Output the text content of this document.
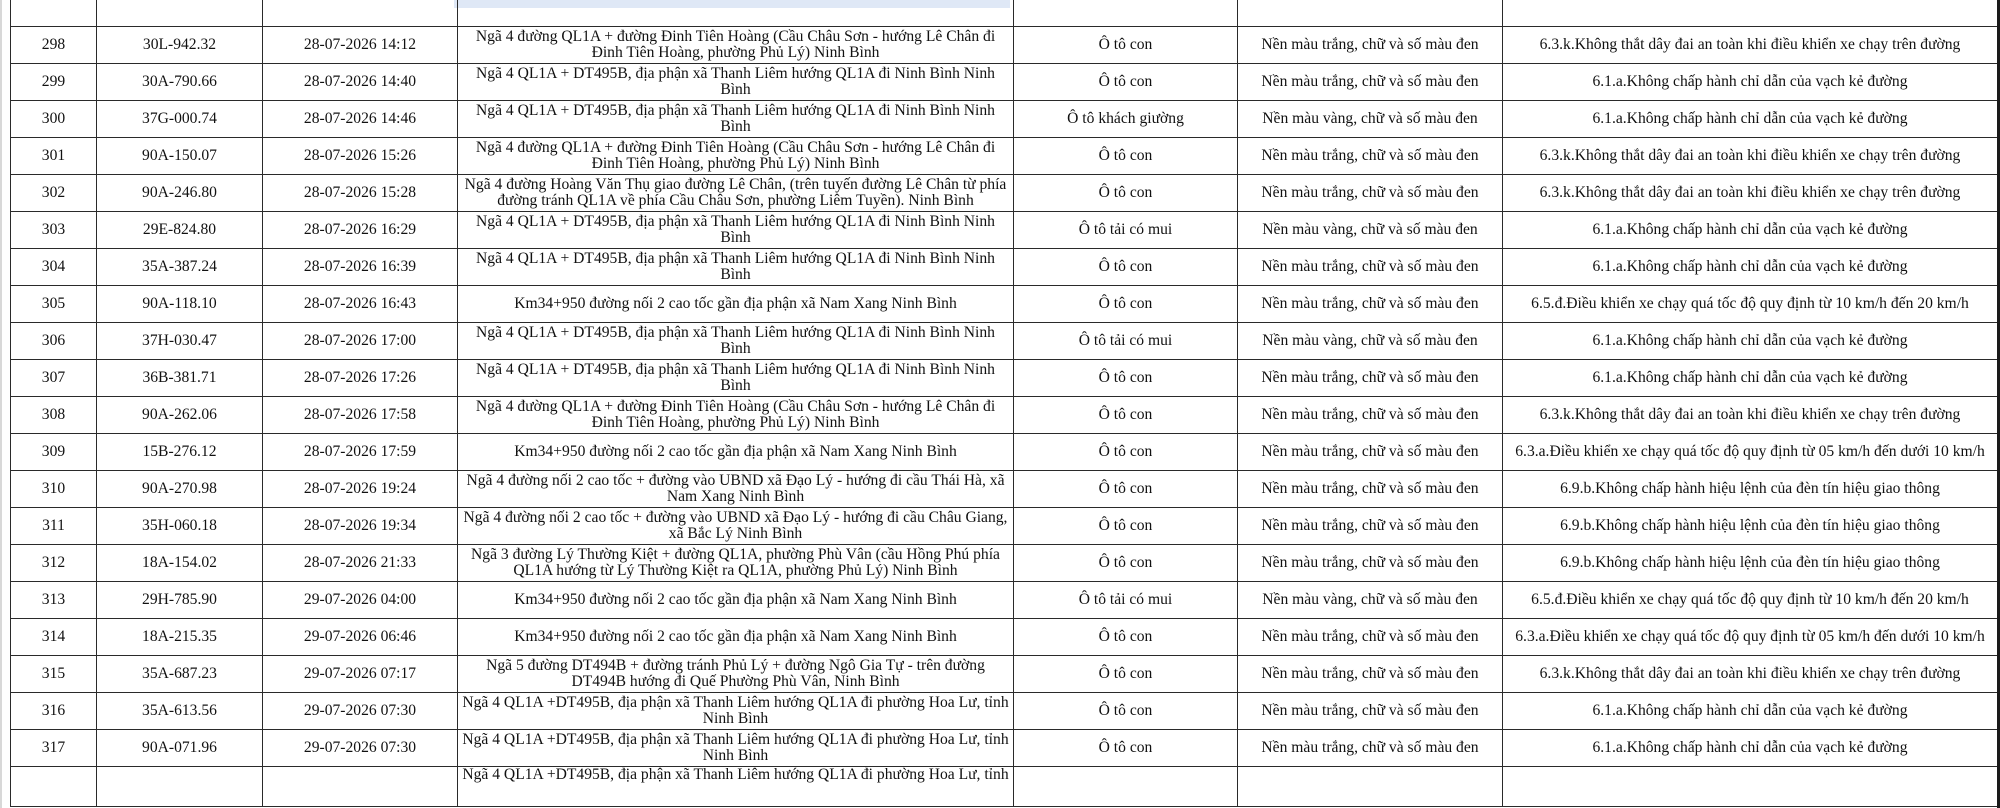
298	30L-942.32	28-07-2026 14:12	Ngã 4 đường QL1A + đường Đinh Tiên Hoàng (Cầu Châu Sơn - hướng Lê Chân đi Đinh Tiên Hoàng, phường Phủ Lý) Ninh Bình	Ô tô con	Nền màu trắng, chữ và số màu đen	6.3.k.Không thắt dây đai an toàn khi điều khiển xe chạy trên đường
299	30A-790.66	28-07-2026 14:40	Ngã 4 QL1A + DT495B, địa phận xã Thanh Liêm hướng QL1A đi Ninh Bình Ninh Bình	Ô tô con	Nền màu trắng, chữ và số màu đen	6.1.a.Không chấp hành chỉ dẫn của vạch kẻ đường
300	37G-000.74	28-07-2026 14:46	Ngã 4 QL1A + DT495B, địa phận xã Thanh Liêm hướng QL1A đi Ninh Bình Ninh Bình	Ô tô khách giường	Nền màu vàng, chữ và số màu đen	6.1.a.Không chấp hành chỉ dẫn của vạch kẻ đường
301	90A-150.07	28-07-2026 15:26	Ngã 4 đường QL1A + đường Đinh Tiên Hoàng (Cầu Châu Sơn - hướng Lê Chân đi Đinh Tiên Hoàng, phường Phủ Lý) Ninh Bình	Ô tô con	Nền màu trắng, chữ và số màu đen	6.3.k.Không thắt dây đai an toàn khi điều khiển xe chạy trên đường
302	90A-246.80	28-07-2026 15:28	Ngã 4 đường Hoàng Văn Thụ giao đường Lê Chân, (trên tuyến đường Lê Chân từ phía đường tránh QL1A về phía Cầu Châu Sơn, phường Liêm Tuyền). Ninh Bình	Ô tô con	Nền màu trắng, chữ và số màu đen	6.3.k.Không thắt dây đai an toàn khi điều khiển xe chạy trên đường
303	29E-824.80	28-07-2026 16:29	Ngã 4 QL1A + DT495B, địa phận xã Thanh Liêm hướng QL1A đi Ninh Bình Ninh Bình	Ô tô tải có mui	Nền màu vàng, chữ và số màu đen	6.1.a.Không chấp hành chỉ dẫn của vạch kẻ đường
304	35A-387.24	28-07-2026 16:39	Ngã 4 QL1A + DT495B, địa phận xã Thanh Liêm hướng QL1A đi Ninh Bình Ninh Bình	Ô tô con	Nền màu trắng, chữ và số màu đen	6.1.a.Không chấp hành chỉ dẫn của vạch kẻ đường
305	90A-118.10	28-07-2026 16:43	Km34+950 đường nối 2 cao tốc gần địa phận xã Nam Xang Ninh Bình	Ô tô con	Nền màu trắng, chữ và số màu đen	6.5.đ.Điều khiển xe chạy quá tốc độ quy định từ 10 km/h đến 20 km/h
306	37H-030.47	28-07-2026 17:00	Ngã 4 QL1A + DT495B, địa phận xã Thanh Liêm hướng QL1A đi Ninh Bình Ninh Bình	Ô tô tải có mui	Nền màu vàng, chữ và số màu đen	6.1.a.Không chấp hành chỉ dẫn của vạch kẻ đường
307	36B-381.71	28-07-2026 17:26	Ngã 4 QL1A + DT495B, địa phận xã Thanh Liêm hướng QL1A đi Ninh Bình Ninh Bình	Ô tô con	Nền màu trắng, chữ và số màu đen	6.1.a.Không chấp hành chỉ dẫn của vạch kẻ đường
308	90A-262.06	28-07-2026 17:58	Ngã 4 đường QL1A + đường Đinh Tiên Hoàng (Cầu Châu Sơn - hướng Lê Chân đi Đinh Tiên Hoàng, phường Phủ Lý) Ninh Bình	Ô tô con	Nền màu trắng, chữ và số màu đen	6.3.k.Không thắt dây đai an toàn khi điều khiển xe chạy trên đường
309	15B-276.12	28-07-2026 17:59	Km34+950 đường nối 2 cao tốc gần địa phận xã Nam Xang Ninh Bình	Ô tô con	Nền màu trắng, chữ và số màu đen	6.3.a.Điều khiển xe chạy quá tốc độ quy định từ 05 km/h đến dưới 10 km/h
310	90A-270.98	28-07-2026 19:24	Ngã 4 đường nối 2 cao tốc + đường vào UBND xã Đạo Lý - hướng đi cầu Thái Hà, xã Nam Xang Ninh Bình	Ô tô con	Nền màu trắng, chữ và số màu đen	6.9.b.Không chấp hành hiệu lệnh của đèn tín hiệu giao thông
311	35H-060.18	28-07-2026 19:34	Ngã 4 đường nối 2 cao tốc + đường vào UBND xã Đạo Lý - hướng đi cầu Châu Giang, xã Bắc Lý Ninh Bình	Ô tô con	Nền màu trắng, chữ và số màu đen	6.9.b.Không chấp hành hiệu lệnh của đèn tín hiệu giao thông
312	18A-154.02	28-07-2026 21:33	Ngã 3 đường Lý Thường Kiệt + đường QL1A, phường Phù Vân (cầu Hồng Phú phía QL1A hướng từ Lý Thường Kiệt ra QL1A, phường Phủ Lý) Ninh Bình	Ô tô con	Nền màu trắng, chữ và số màu đen	6.9.b.Không chấp hành hiệu lệnh của đèn tín hiệu giao thông
313	29H-785.90	29-07-2026 04:00	Km34+950 đường nối 2 cao tốc gần địa phận xã Nam Xang Ninh Bình	Ô tô tải có mui	Nền màu vàng, chữ và số màu đen	6.5.đ.Điều khiển xe chạy quá tốc độ quy định từ 10 km/h đến 20 km/h
314	18A-215.35	29-07-2026 06:46	Km34+950 đường nối 2 cao tốc gần địa phận xã Nam Xang Ninh Bình	Ô tô con	Nền màu trắng, chữ và số màu đen	6.3.a.Điều khiển xe chạy quá tốc độ quy định từ 05 km/h đến dưới 10 km/h
315	35A-687.23	29-07-2026 07:17	Ngã 5 đường DT494B + đường tránh Phủ Lý + đường Ngô Gia Tự - trên đường DT494B hướng đi Quế Phường Phù Vân, Ninh Bình	Ô tô con	Nền màu trắng, chữ và số màu đen	6.3.k.Không thắt dây đai an toàn khi điều khiển xe chạy trên đường
316	35A-613.56	29-07-2026 07:30	Ngã 4 QL1A +DT495B, địa phận xã Thanh Liêm hướng QL1A đi phường Hoa Lư, tỉnh Ninh Bình	Ô tô con	Nền màu trắng, chữ và số màu đen	6.1.a.Không chấp hành chỉ dẫn của vạch kẻ đường
317	90A-071.96	29-07-2026 07:30	Ngã 4 QL1A +DT495B, địa phận xã Thanh Liêm hướng QL1A đi phường Hoa Lư, tỉnh Ninh Bình	Ô tô con	Nền màu trắng, chữ và số màu đen	6.1.a.Không chấp hành chỉ dẫn của vạch kẻ đường
			Ngã 4 QL1A +DT495B, địa phận xã Thanh Liêm hướng QL1A đi phường Hoa Lư, tỉnh			
